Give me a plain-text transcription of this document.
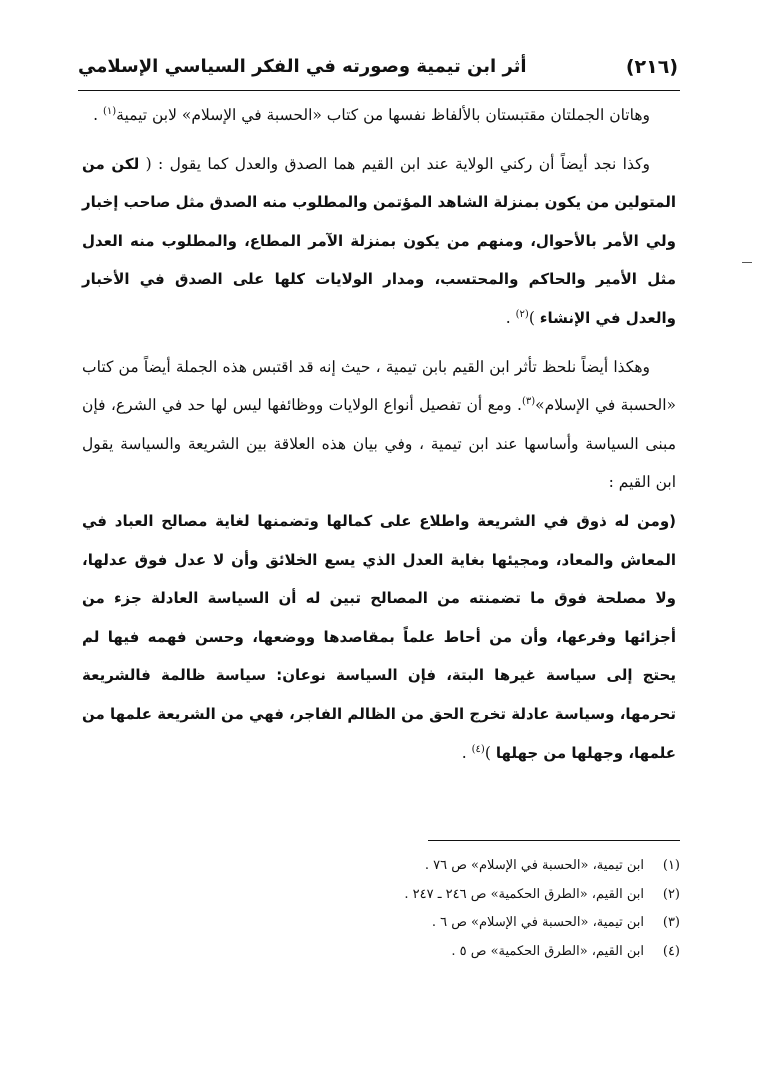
(٢١٦)
أثر ابن تيمية وصورته في الفكر السياسي الإسلامي

وهاتان الجملتان مقتبستان بالألفاظ نفسها من كتاب «الحسبة في الإسلام» لابن تيمية$^{(١)}$ .

وكذا نجد أيضاً أن ركني الولاية عند ابن القيم هما الصدق والعدل كما يقول : ( لكن من المتولين من يكون بمنزلة الشاهد المؤتمن والمطلوب منه الصدق مثل صاحب إخبار ولي الأمر بالأحوال، ومنهم من يكون بمنزلة الآمر المطاع، والمطلوب منه العدل مثل الأمير والحاكم والمحتسب، ومدار الولايات كلها على الصدق في الأخبار والعدل في الإنشاء )$^{(٢)}$ .

وهكذا أيضاً نلحظ تأثر ابن القيم بابن تيمية ، حيث إنه قد اقتبس هذه الجملة أيضاً من كتاب «الحسبة في الإسلام»$^{(٣)}$. ومع أن تفصيل أنواع الولايات ووظائفها ليس لها حد في الشرع، فإن مبنى السياسة وأساسها عند ابن تيمية ، وفي بيان هذه العلاقة بين الشريعة والسياسة يقول ابن القيم :

(ومن له ذوق في الشريعة واطلاع على كمالها وتضمنها لغاية مصالح العباد في المعاش والمعاد، ومجيئها بغاية العدل الذي يسع الخلائق وأن لا عدل فوق عدلها، ولا مصلحة فوق ما تضمنته من المصالح تبين له أن السياسة العادلة جزء من أجزائها وفرعها، وأن من أحاط علماً بمقاصدها ووضعها، وحسن فهمه فيها لم يحتج إلى سياسة غيرها البتة، فإن السياسة نوعان: سياسة ظالمة فالشريعة تحرمها، وسياسة عادلة تخرج الحق من الظالم الفاجر، فهي من الشريعة علمها من علمها، وجهلها من جهلها )$^{(٤)}$ .

(١)ابن تيمية، «الحسبة في الإسلام» ص ٧٦ .
(٢)ابن القيم، «الطرق الحكمية» ص ٢٤٦ ـ ٢٤٧ .
(٣)ابن تيمية، «الحسبة في الإسلام» ص ٦ .
(٤)ابن القيم، «الطرق الحكمية» ص ٥ .
